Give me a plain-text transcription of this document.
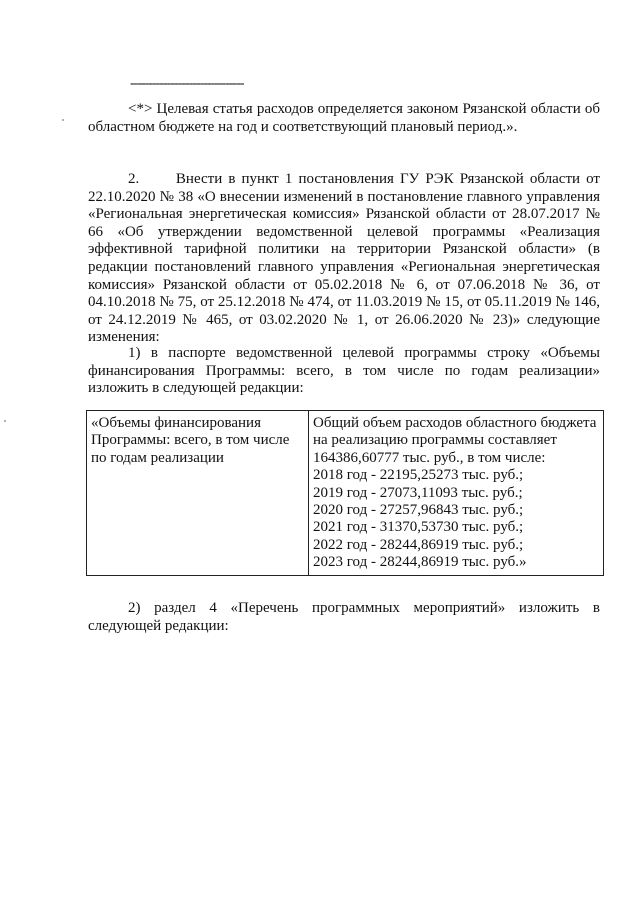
-------------------------------
<*> Целевая статья расходов определяется законом Рязанской области об областном бюджете на год и соответствующий плановый период.».
2.      Внести в пункт 1 постановления ГУ РЭК Рязанской области от 22.10.2020 № 38 «О внесении изменений в постановление главного управления «Региональная энергетическая комиссия» Рязанской области от 28.07.2017 № 66 «Об утверждении ведомственной целевой программы «Реализация эффективной тарифной политики на территории Рязанской области» (в редакции постановлений главного управления «Региональная энергетическая комиссия» Рязанской области от 05.02.2018 № 6, от 07.06.2018 № 36, от 04.10.2018 № 75, от 25.12.2018 № 474, от 11.03.2019 № 15, от 05.11.2019 № 146, от 24.12.2019 № 465, от 03.02.2020 № 1, от 26.06.2020 № 23)» следующие изменения:
1) в паспорте ведомственной целевой программы строку «Объемы финансирования Программы: всего, в том числе по годам реализации» изложить в следующей редакции:
«Объемы финансирования
Программы: всего, в том числе
по годам реализации
Общий объем расходов областного бюджета
на реализацию программы составляет
164386,60777 тыс. руб., в том числе:
2018 год - 22195,25273 тыс. руб.;
2019 год - 27073,11093 тыс. руб.;
2020 год - 27257,96843 тыс. руб.;
2021 год - 31370,53730 тыс. руб.;
2022 год - 28244,86919 тыс. руб.;
2023 год - 28244,86919 тыс. руб.»
2) раздел 4 «Перечень программных мероприятий» изложить в следующей редакции:
